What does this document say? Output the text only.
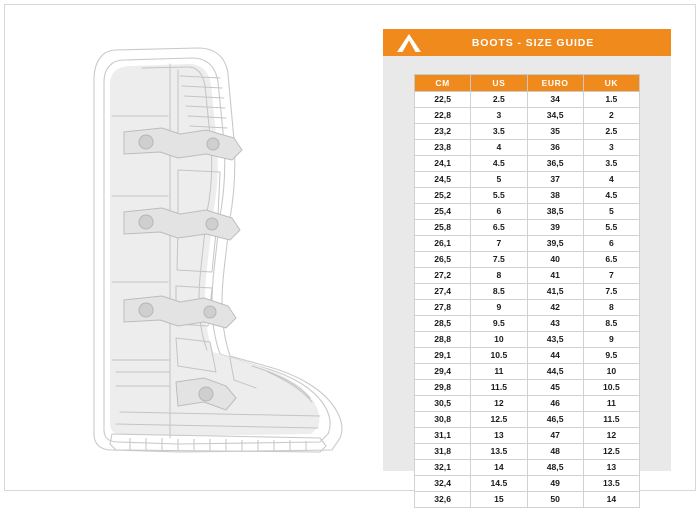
BOOTS - SIZE GUIDE
CM	US	EURO	UK
22,5	2.5	34	1.5
22,8	3	34,5	2
23,2	3.5	35	2.5
23,8	4	36	3
24,1	4.5	36,5	3.5
24,5	5	37	4
25,2	5.5	38	4.5
25,4	6	38,5	5
25,8	6.5	39	5.5
26,1	7	39,5	6
26,5	7.5	40	6.5
27,2	8	41	7
27,4	8.5	41,5	7.5
27,8	9	42	8
28,5	9.5	43	8.5
28,8	10	43,5	9
29,1	10.5	44	9.5
29,4	11	44,5	10
29,8	11.5	45	10.5
30,5	12	46	11
30,8	12.5	46,5	11.5
31,1	13	47	12
31,8	13.5	48	12.5
32,1	14	48,5	13
32,4	14.5	49	13.5
32,6	15	50	14
